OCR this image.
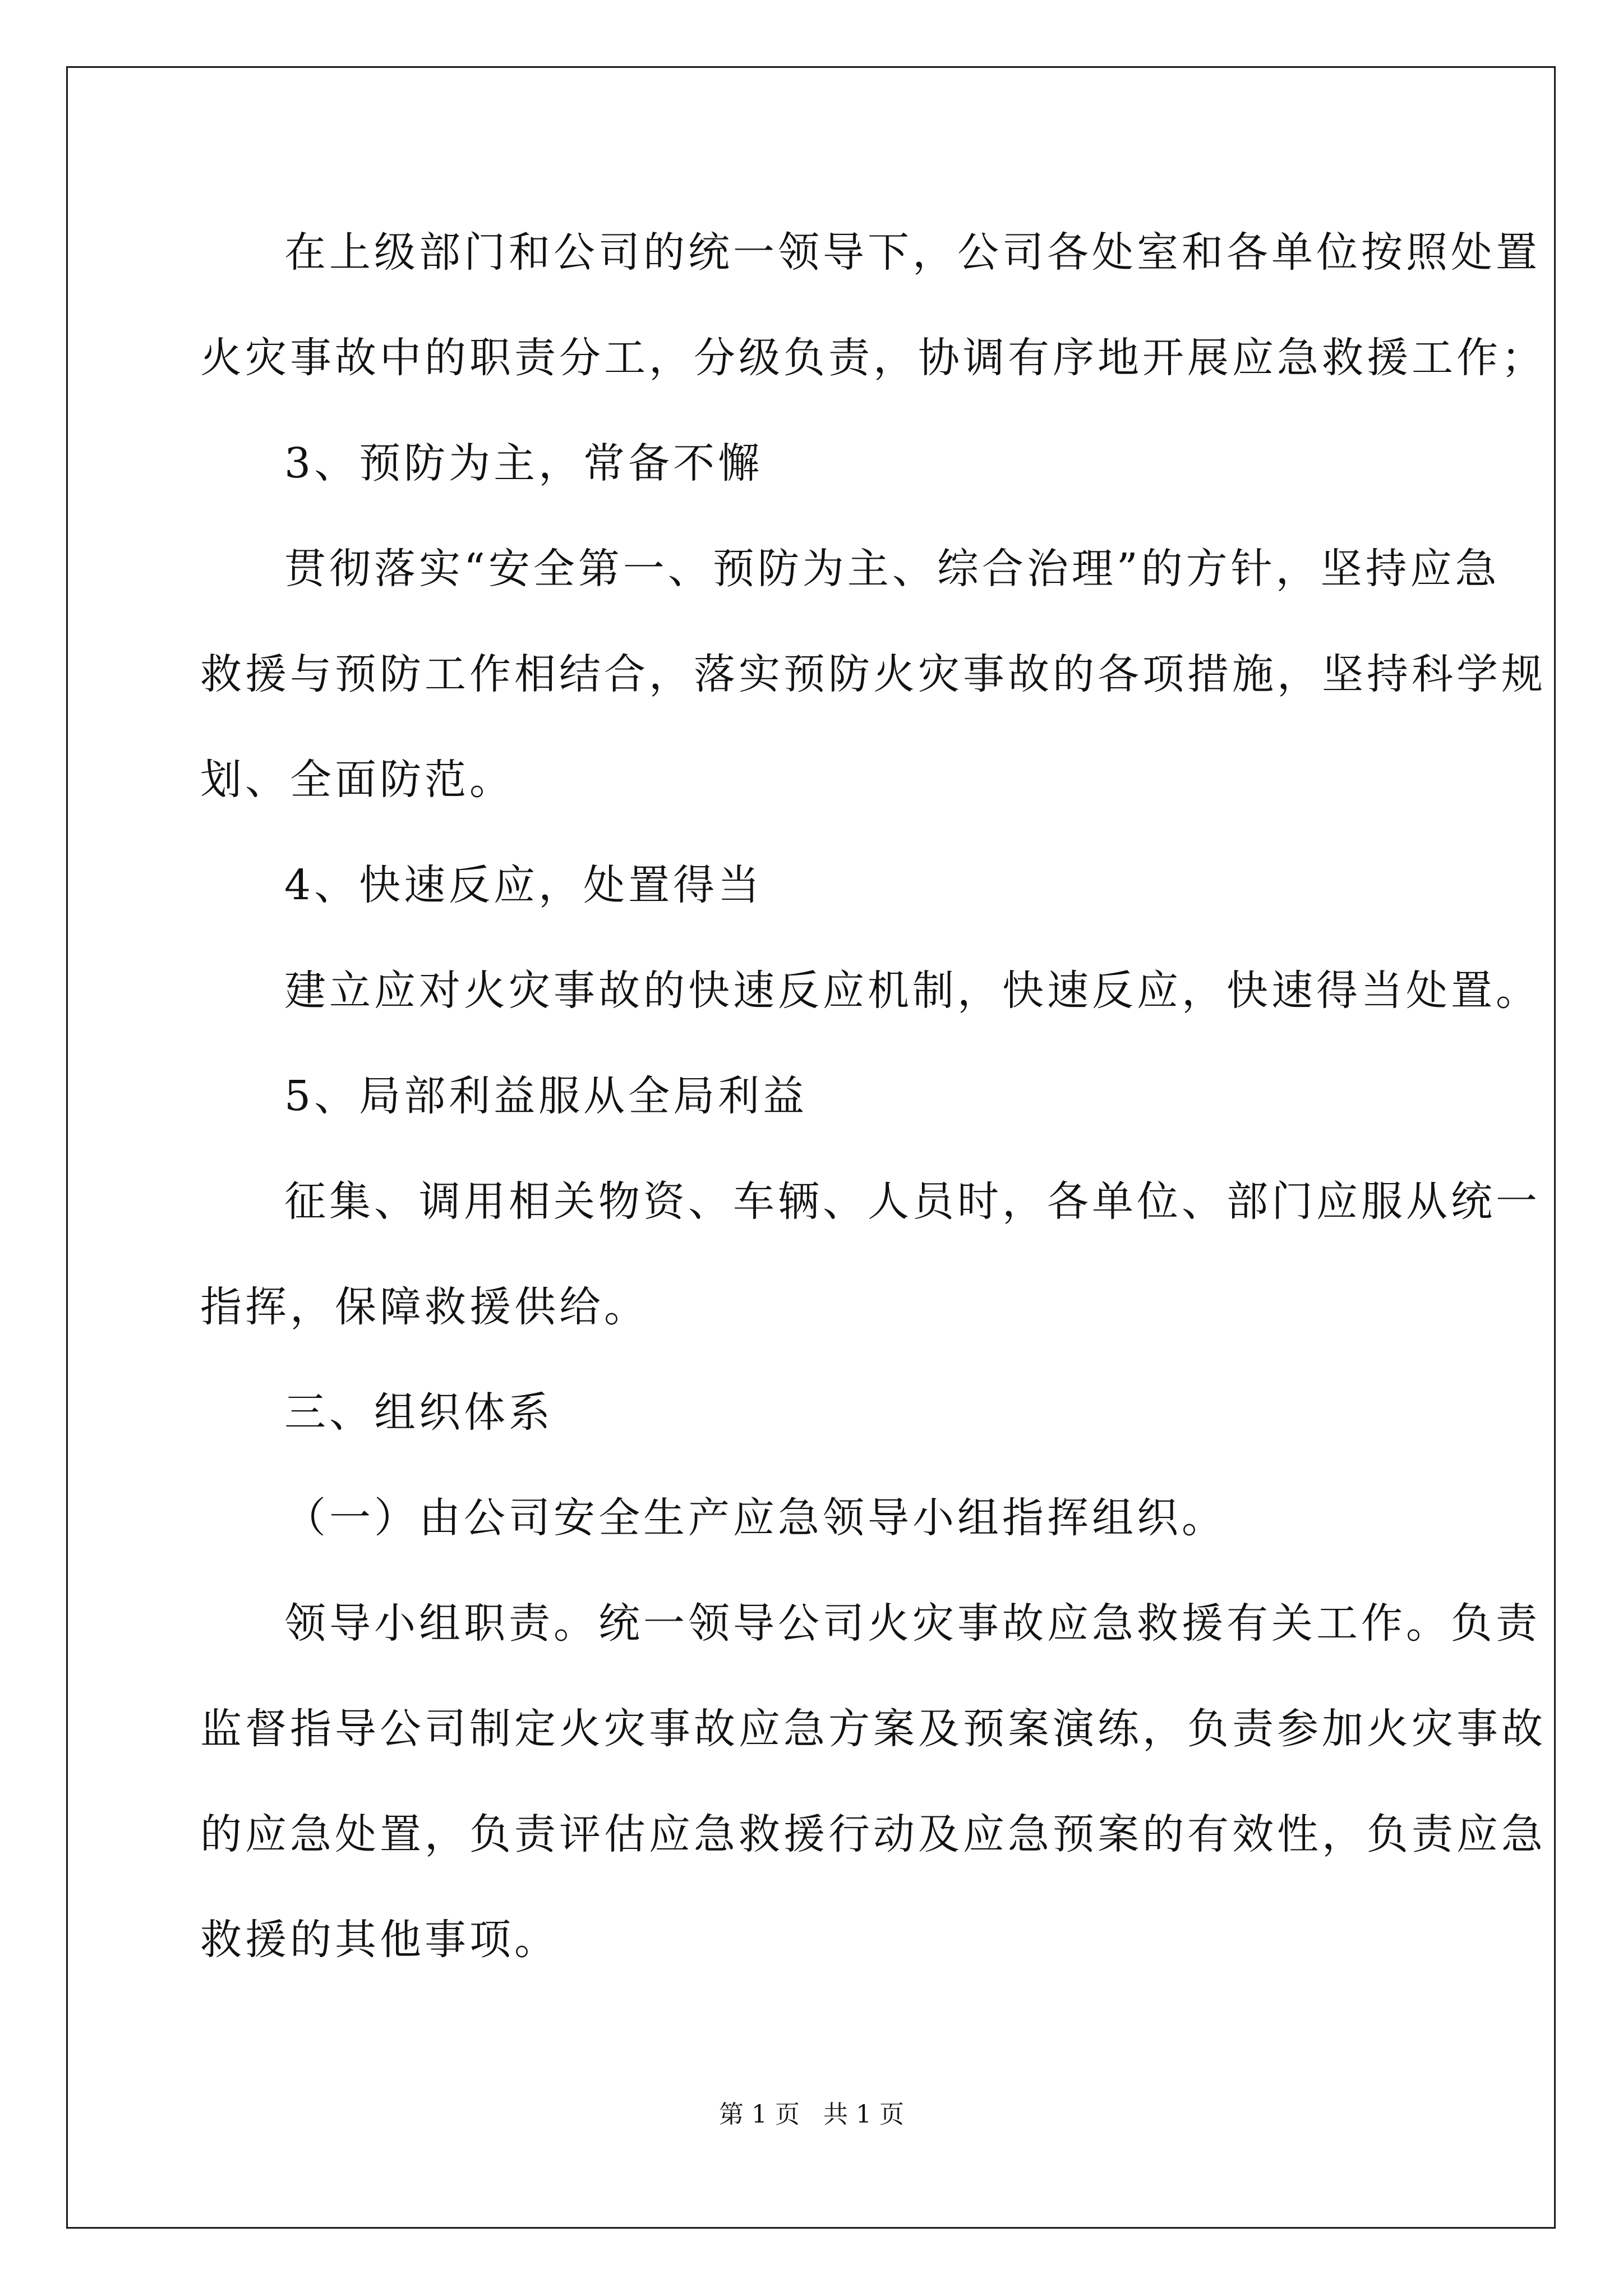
在上级部门和公司的统一领导下，公司各处室和各单位按照处置
火灾事故中的职责分工，分级负责，协调有序地开展应急救援工作；
3、预防为主，常备不懈
贯彻落实“安全第一、预防为主、综合治理”的方针，坚持应急
救援与预防工作相结合，落实预防火灾事故的各项措施，坚持科学规
划、全面防范。
4、快速反应，处置得当
建立应对火灾事故的快速反应机制，快速反应，快速得当处置。
5、局部利益服从全局利益
征集、调用相关物资、车辆、人员时，各单位、部门应服从统一
指挥，保障救援供给。
三、组织体系
（一）由公司安全生产应急领导小组指挥组织。
领导小组职责。统一领导公司火灾事故应急救援有关工作。负责
监督指导公司制定火灾事故应急方案及预案演练，负责参加火灾事故
的应急处置，负责评估应急救援行动及应急预案的有效性，负责应急
救援的其他事项。
第 1 页   共 1 页
